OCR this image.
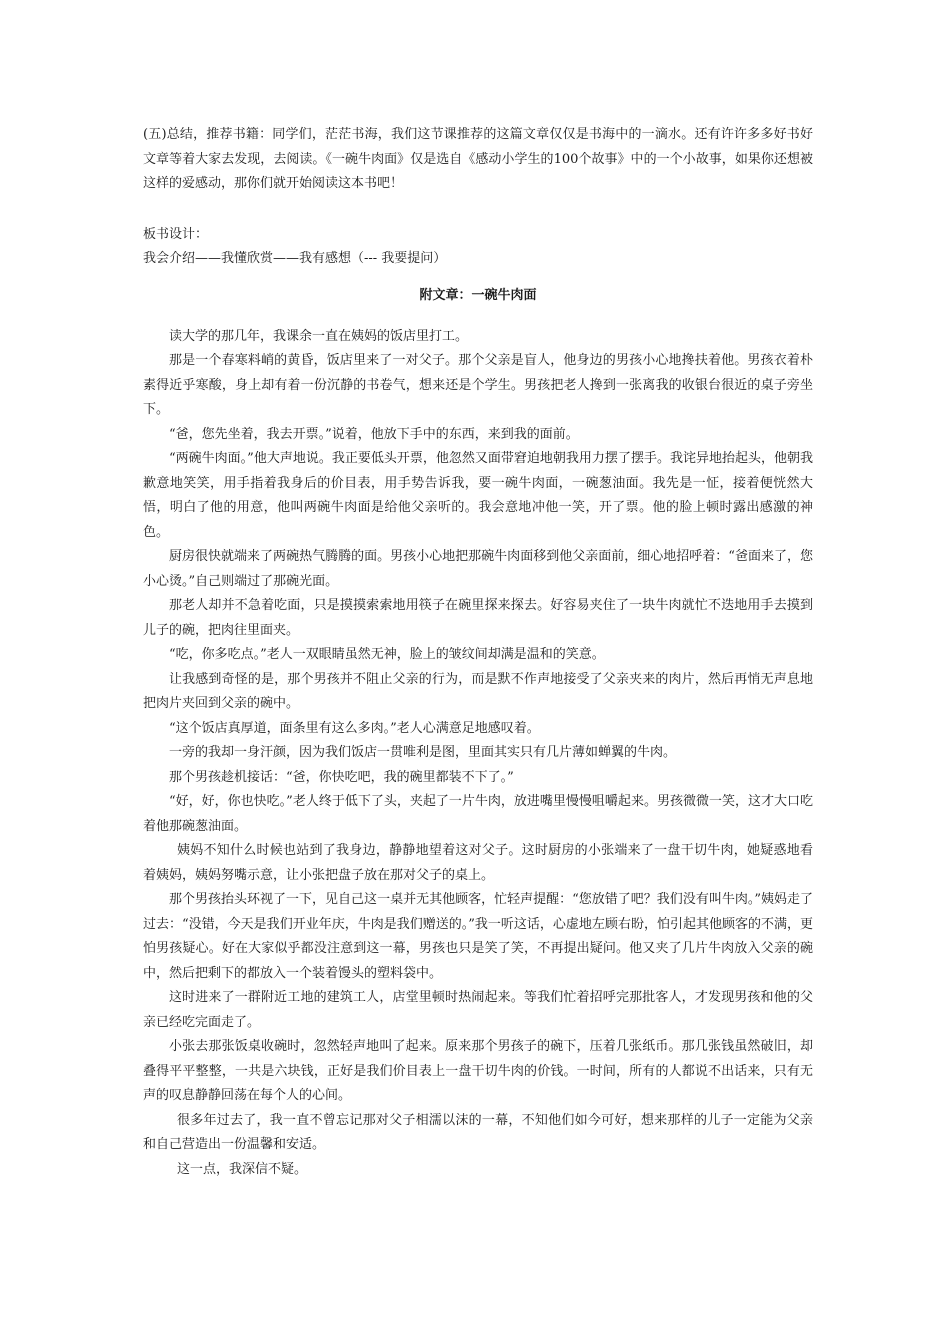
(五)总结，推荐书籍：同学们，茫茫书海，我们这节课推荐的这篇文章仅仅是书海中的一滴水。还有许许多多好书好文章等着大家去发现，去阅读。《一碗牛肉面》仅是选自《感动小学生的100个故事》中的一个小故事，如果你还想被这样的爱感动，那你们就开始阅读这本书吧！

板书设计：

我会介绍——我懂欣赏——我有感想（--- 我要提问）

附文章：一碗牛肉面

读大学的那几年，我课余一直在姨妈的饭店里打工。

那是一个春寒料峭的黄昏，饭店里来了一对父子。那个父亲是盲人，他身边的男孩小心地搀扶着他。男孩衣着朴素得近乎寒酸，身上却有着一份沉静的书卷气，想来还是个学生。男孩把老人搀到一张离我的收银台很近的桌子旁坐下。

“爸，您先坐着，我去开票。”说着，他放下手中的东西，来到我的面前。

“两碗牛肉面。”他大声地说。我正要低头开票，他忽然又面带窘迫地朝我用力摆了摆手。我诧异地抬起头，他朝我歉意地笑笑，用手指着我身后的价目表，用手势告诉我，要一碗牛肉面，一碗葱油面。我先是一怔，接着便恍然大悟，明白了他的用意，他叫两碗牛肉面是给他父亲听的。我会意地冲他一笑，开了票。他的脸上顿时露出感激的神色。

厨房很快就端来了两碗热气腾腾的面。男孩小心地把那碗牛肉面移到他父亲面前，细心地招呼着：“爸面来了，您小心烫。”自己则端过了那碗光面。

那老人却并不急着吃面，只是摸摸索索地用筷子在碗里探来探去。好容易夹住了一块牛肉就忙不迭地用手去摸到儿子的碗，把肉往里面夹。

“吃，你多吃点。”老人一双眼睛虽然无神，脸上的皱纹间却满是温和的笑意。

让我感到奇怪的是，那个男孩并不阻止父亲的行为，而是默不作声地接受了父亲夹来的肉片，然后再悄无声息地把肉片夹回到父亲的碗中。

“这个饭店真厚道，面条里有这么多肉。”老人心满意足地感叹着。

一旁的我却一身汗颜，因为我们饭店一贯唯利是图，里面其实只有几片薄如蝉翼的牛肉。

那个男孩趁机接话：“爸，你快吃吧，我的碗里都装不下了。”

“好，好，你也快吃。”老人终于低下了头，夹起了一片牛肉，放进嘴里慢慢咀嚼起来。男孩微微一笑，这才大口吃着他那碗葱油面。

姨妈不知什么时候也站到了我身边，静静地望着这对父子。这时厨房的小张端来了一盘干切牛肉，她疑惑地看着姨妈，姨妈努嘴示意，让小张把盘子放在那对父子的桌上。

那个男孩抬头环视了一下，见自己这一桌并无其他顾客，忙轻声提醒：“您放错了吧？我们没有叫牛肉。”姨妈走了过去：“没错，今天是我们开业年庆，牛肉是我们赠送的。”我一听这话，心虚地左顾右盼，怕引起其他顾客的不满，更怕男孩疑心。好在大家似乎都没注意到这一幕，男孩也只是笑了笑，不再提出疑问。他又夹了几片牛肉放入父亲的碗中，然后把剩下的都放入一个装着馒头的塑料袋中。

这时进来了一群附近工地的建筑工人，店堂里顿时热闹起来。等我们忙着招呼完那批客人，才发现男孩和他的父亲已经吃完面走了。

小张去那张饭桌收碗时，忽然轻声地叫了起来。原来那个男孩子的碗下，压着几张纸币。那几张钱虽然破旧，却叠得平平整整，一共是六块钱，正好是我们价目表上一盘干切牛肉的价钱。一时间，所有的人都说不出话来，只有无声的叹息静静回荡在每个人的心间。

很多年过去了，我一直不曾忘记那对父子相濡以沫的一幕，不知他们如今可好，想来那样的儿子一定能为父亲和自己营造出一份温馨和安适。

这一点，我深信不疑。
